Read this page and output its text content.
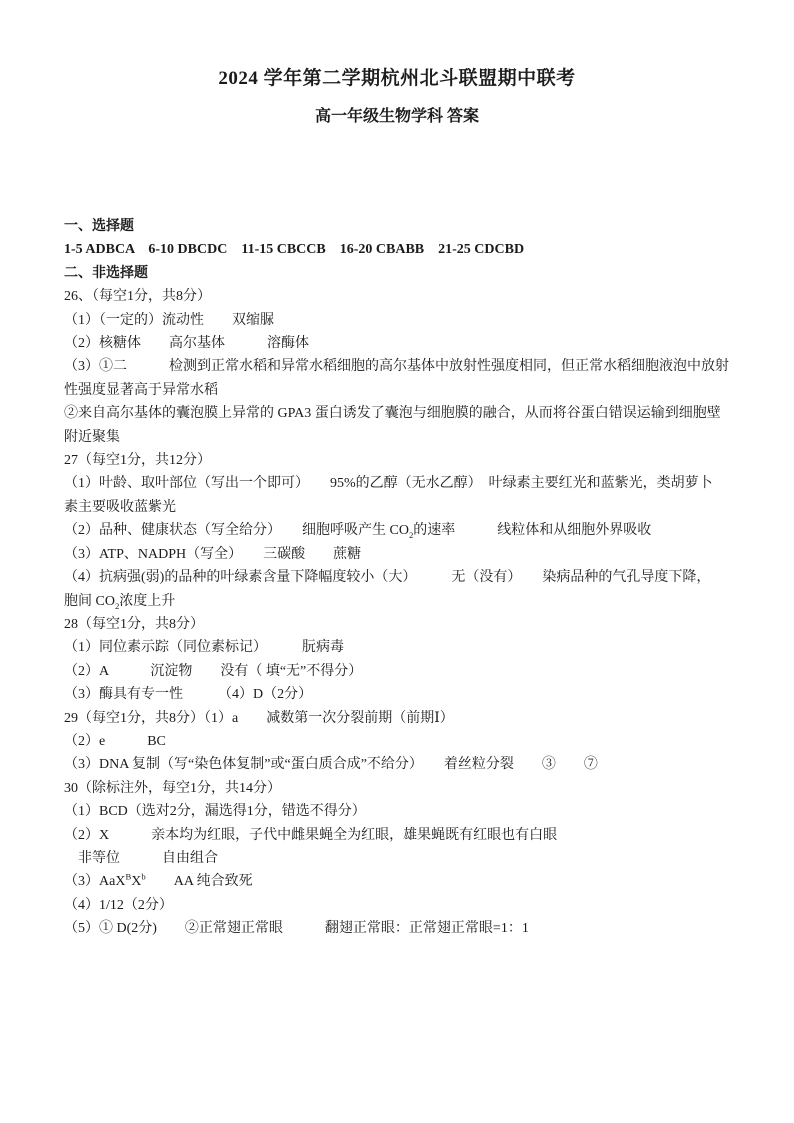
2024 学年第二学期杭州北斗联盟期中联考
高一年级生物学科 答案
一、选择题
1-5 ADBCA　6-10 DBCDC　11-15 CBCCB　16-20 CBABB　21-25 CDCBD
二、非选择题
26、（每空1分，共8分）
（1）（一定的）流动性　　双缩脲
（2）核糖体　　高尔基体　　　溶酶体
（3）①二　　　检测到正常水稻和异常水稻细胞的高尔基体中放射性强度相同，但正常水稻细胞液泡中放射
性强度显著高于异常水稻
②来自高尔基体的囊泡膜上异常的 GPA3 蛋白诱发了囊泡与细胞膜的融合，从而将谷蛋白错误运输到细胞壁
附近聚集
27（每空1分，共12分）
（1）叶龄、取叶部位（写出一个即可）　　95%的乙醇（无水乙醇）　叶绿素主要红光和蓝紫光，类胡萝卜
素主要吸收蓝紫光
（2）品种、健康状态（写全给分）　　细胞呼吸产生 $CO_2$的速率　　　线粒体和从细胞外界吸收
（3）ATP、NADPH（写全）　　三碳酸　　蔗糖
（4）抗病强(弱)的品种的叶绿素含量下降幅度较小（大）　　　无（没有）　　染病品种的气孔导度下降，
胞间 $CO_2$浓度上升
28（每空1分，共8分）
（1）同位素示踪（同位素标记）　　　朊病毒
（2）A　　　沉淀物　　没有（ 填“无”不得分）
（3）酶具有专一性　　　（4）D（2分）
29（每空1分，共8分）（1）a　　减数第一次分裂前期（前期Ⅰ）
（2）e　　　BC
（3）DNA 复制（写“染色体复制”或“蛋白质合成”不给分）　　着丝粒分裂　　③　　⑦
30（除标注外，每空1分，共14分）
（1）BCD（选对2分，漏选得1分，错选不得分）
（2）X　　　亲本均为红眼，子代中雌果蝇全为红眼，雄果蝇既有红眼也有白眼
　非等位　　　自由组合
$(3)AaX^BX^b$　　AA 纯合致死
（4）1/12（2分）
（5）① D(2分)　　②正常翅正常眼　　　翻翅正常眼：正常翅正常眼=1：1
